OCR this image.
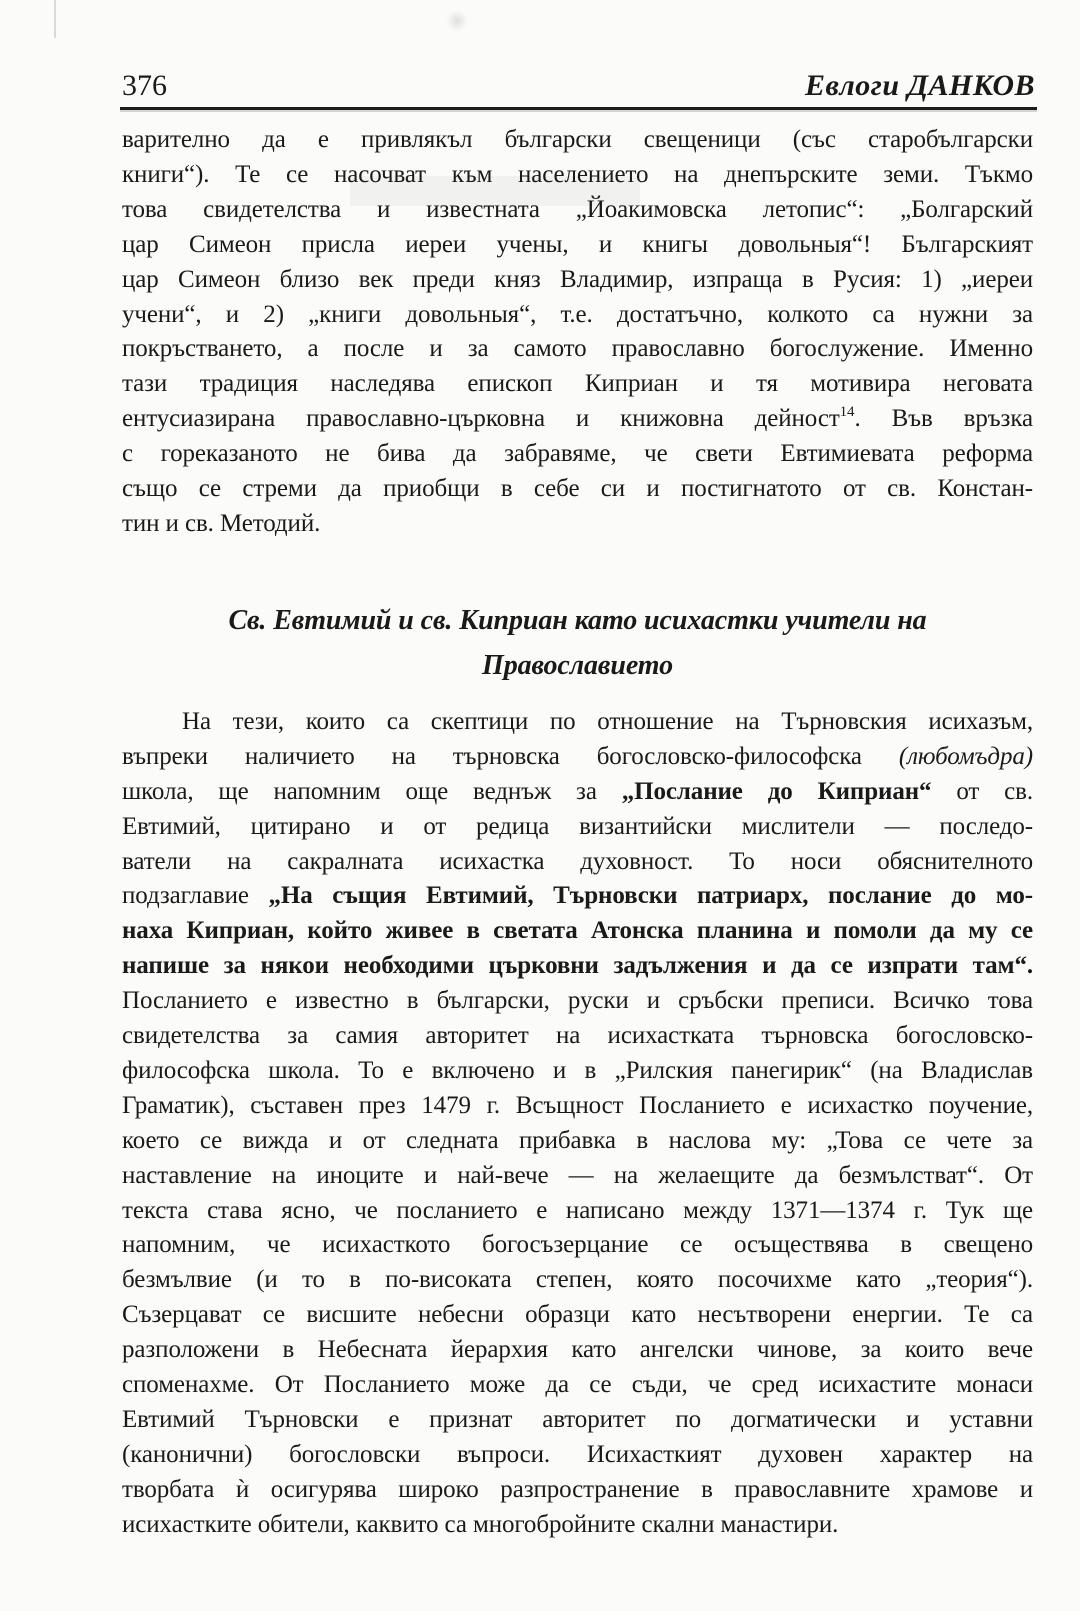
376	Евлоги ДАНКОВ
варително да е привлякъл български свещеници (със старобългарски
книги“). Те се насочват към населението на днепърските земи. Тъкмо
това свидетелства и известната „Йоакимовска летопис“: „Болгарский
цар Симеон присла иереи учены, и книгы довольныя“! Българският
цар Симеон близо век преди княз Владимир, изпраща в Русия: 1) „иереи
учени“, и 2) „книги довольныя“, т.е. достатъчно, колкото са нужни за
покръстването, а после и за самото православно богослужение. Именно
тази традиция наследява епископ Киприан и тя мотивира неговата
ентусиазирана православно-църковна и книжовна дейност$^{14}$. Във връзка
с гореказаното не бива да забравяме, че свети Евтимиевата реформа
също се стреми да приобщи в себе си и постигнатото от св. Констан-
тин и св. Методий.
Св. Евтимий и св. Киприан като исихастки учители на
Православието
На тези, които са скептици по отношение на Търновския исихазъм,
въпреки наличието на търновска богословско-философска (любомъдра)
школа, ще напомним още веднъж за „Послание до Киприан“ от св.
Евтимий, цитирано и от редица византийски мислители — последо-
ватели на сакралната исихастка духовност. То носи обяснителното
подзаглавие „На същия Евтимий, Търновски патриарх, послание до мо-
наха Киприан, който живее в светата Атонска планина и помоли да му се
напише за някои необходими църковни задължения и да се изпрати там“.
Посланието е известно в български, руски и сръбски преписи. Всичко това
свидетелства за самия авторитет на исихастката търновска богословско-
философска школа. То е включено и в „Рилския панегирик“ (на Владислав
Граматик), съставен през 1479 г. Всъщност Посланието е исихастко поучение,
което се вижда и от следната прибавка в наслова му: „Това се чете за
наставление на иноците и най-вече — на желаещите да безмълстват“. От
текста става ясно, че посланието е написано между 1371—1374 г. Тук ще
напомним, че исихасткото богосъзерцание се осъществява в свещено
безмълвие (и то в по-високата степен, която посочихме като „теория“).
Съзерцават се висшите небесни образци като несътворени енергии. Те са
разположени в Небесната йерархия като ангелски чинове, за които вече
споменахме. От Посланието може да се съди, че сред исихастите монаси
Евтимий Търновски е признат авторитет по догматически и уставни
(канонични) богословски въпроси. Исихасткият духовен характер на
творбата ѝ осигурява широко разпространение в православните храмове и
исихастките обители, каквито са многобройните скални манастири.
